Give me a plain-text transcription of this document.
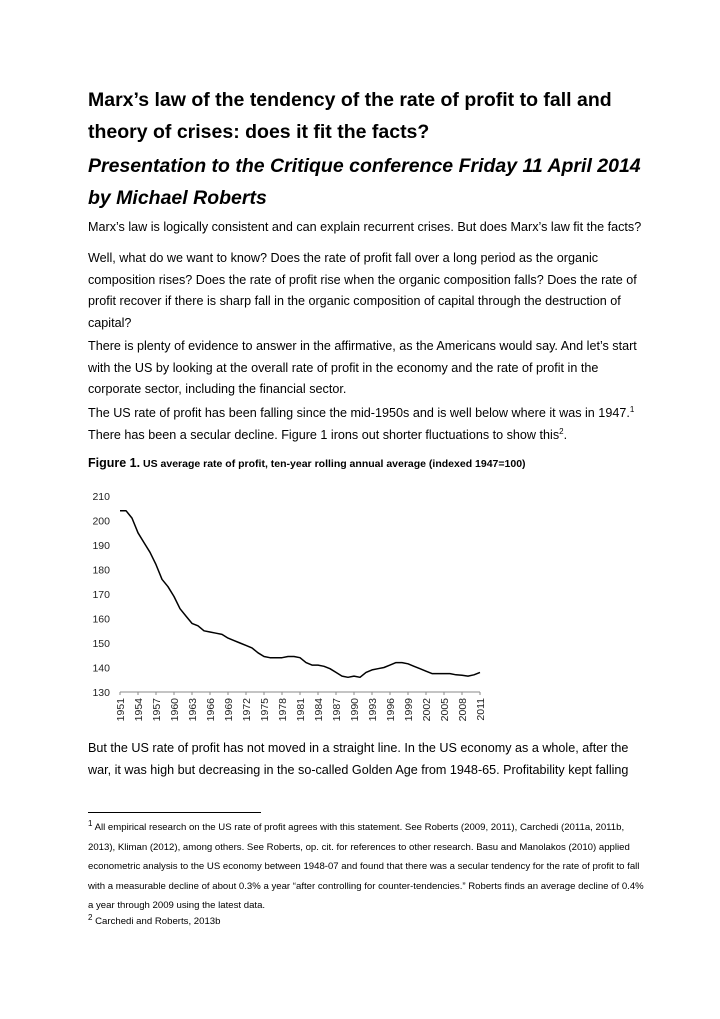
Marx’s law of the tendency of the rate of profit to fall and theory of crises: does it fit the facts?
Presentation to the Critique conference Friday 11 April 2014 by Michael Roberts

Marx’s law is logically consistent and can explain recurrent crises. But does Marx’s law fit the facts?

Well, what do we want to know? Does the rate of profit fall over a long period as the organic composition rises? Does the rate of profit rise when the organic composition falls? Does the rate of profit recover if there is sharp fall in the organic composition of capital through the destruction of capital?

There is plenty of evidence to answer in the affirmative, as the Americans would say. And let’s start with the US by looking at the overall rate of profit in the economy and the rate of profit in the corporate sector, including the financial sector.

The US rate of profit has been falling since the mid-1950s and is well below where it was in 1947.$^1$ There has been a secular decline. Figure 1 irons out shorter fluctuations to show this$^2$.

Figure 1. US average rate of profit, ten-year rolling annual average (indexed 1947=100)

130
140
150
160
170
180
190
200
210
1951 1954 1957 1960 1963 1966 1969 1972 1975 1978 1981 1984 1987 1990 1993 1996 1999 2002 2005 2008 2011

But the US rate of profit has not moved in a straight line. In the US economy as a whole, after the war, it was high but decreasing in the so-called Golden Age from 1948-65. Profitability kept falling

$^1$ All empirical research on the US rate of profit agrees with this statement. See Roberts (2009, 2011), Carchedi (2011a, 2011b, 2013), Kliman (2012), among others. See Roberts, op. cit. for references to other research. Basu and Manolakos (2010) applied econometric analysis to the US economy between 1948-07 and found that there was a secular tendency for the rate of profit to fall with a measurable decline of about 0.3% a year “after controlling for counter-tendencies.” Roberts finds an average decline of 0.4% a year through 2009 using the latest data.

$^2$ Carchedi and Roberts, 2013b
